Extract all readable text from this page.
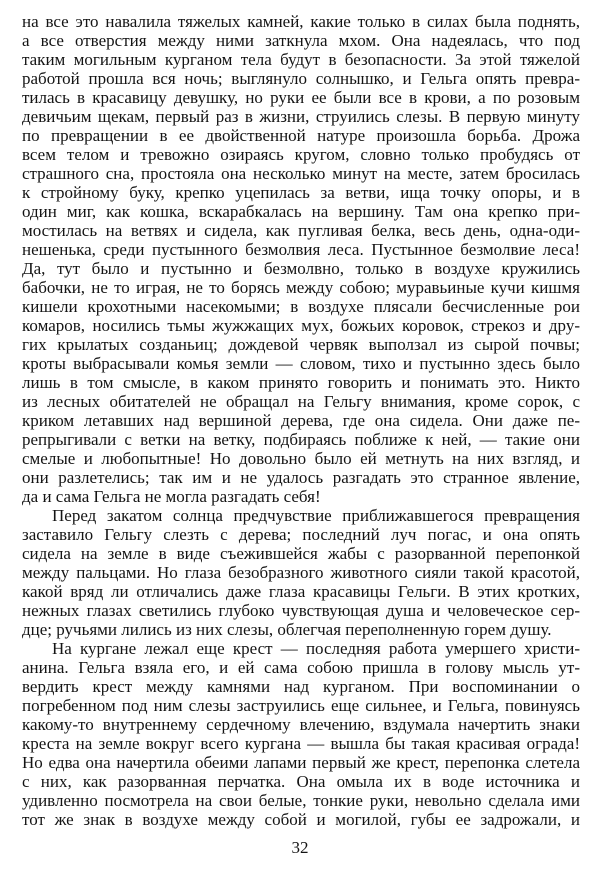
на все это навалила тяжелых камней, какие только в силах была поднять,
а все отверстия между ними заткнула мхом. Она надеялась, что под
таким могильным курганом тела будут в безопасности. За этой тяжелой
работой прошла вся ночь; выглянуло солнышко, и Гельга опять превра-
тилась в красавицу девушку, но руки ее были все в крови, а по розовым
девичьим щекам, первый раз в жизни, струились слезы. В первую минуту
по превращении в ее двойственной натуре произошла борьба. Дрожа
всем телом и тревожно озираясь кругом, словно только пробудясь от
страшного сна, простояла она несколько минут на месте, затем бросилась
к стройному буку, крепко уцепилась за ветви, ища точку опоры, и в
один миг, как кошка, вскарабкалась на вершину. Там она крепко при-
мостилась на ветвях и сидела, как пугливая белка, весь день, одна-оди-
нешенька, среди пустынного безмолвия леса. Пустынное безмолвие леса!
Да, тут было и пустынно и безмолвно, только в воздухе кружились
бабочки, не то играя, не то борясь между собою; муравьиные кучи кишмя
кишели крохотными насекомыми; в воздухе плясали бесчисленные рои
комаров, носились тьмы жужжащих мух, божьих коровок, стрекоз и дру-
гих крылатых созданьиц; дождевой червяк выползал из сырой почвы;
кроты выбрасывали комья земли — словом, тихо и пустынно здесь было
лишь в том смысле, в каком принято говорить и понимать это. Никто
из лесных обитателей не обращал на Гельгу внимания, кроме сорок, с
криком летавших над вершиной дерева, где она сидела. Они даже пе-
репрыгивали с ветки на ветку, подбираясь поближе к ней, — такие они
смелые и любопытные! Но довольно было ей метнуть на них взгляд, и
они разлетелись; так им и не удалось разгадать это странное явление,
да и сама Гельга не могла разгадать себя!
Перед закатом солнца предчувствие приближавшегося превращения
заставило Гельгу слезть с дерева; последний луч погас, и она опять
сидела на земле в виде съежившейся жабы с разорванной перепонкой
между пальцами. Но глаза безобразного животного сияли такой красотой,
какой вряд ли отличались даже глаза красавицы Гельги. В этих кротких,
нежных глазах светились глубоко чувствующая душа и человеческое сер-
дце; ручьями лились из них слезы, облегчая переполненную горем душу.
На кургане лежал еще крест — последняя работа умершего христи-
анина. Гельга взяла его, и ей сама собою пришла в голову мысль ут-
вердить крест между камнями над курганом. При воспоминании о
погребенном под ним слезы заструились еще сильнее, и Гельга, повинуясь
какому-то внутреннему сердечному влечению, вздумала начертить знаки
креста на земле вокруг всего кургана — вышла бы такая красивая ограда!
Но едва она начертила обеими лапами первый же крест, перепонка слетела
с них, как разорванная перчатка. Она омыла их в воде источника и
удивленно посмотрела на свои белые, тонкие руки, невольно сделала ими
тот же знак в воздухе между собой и могилой, губы ее задрожали, и
32
